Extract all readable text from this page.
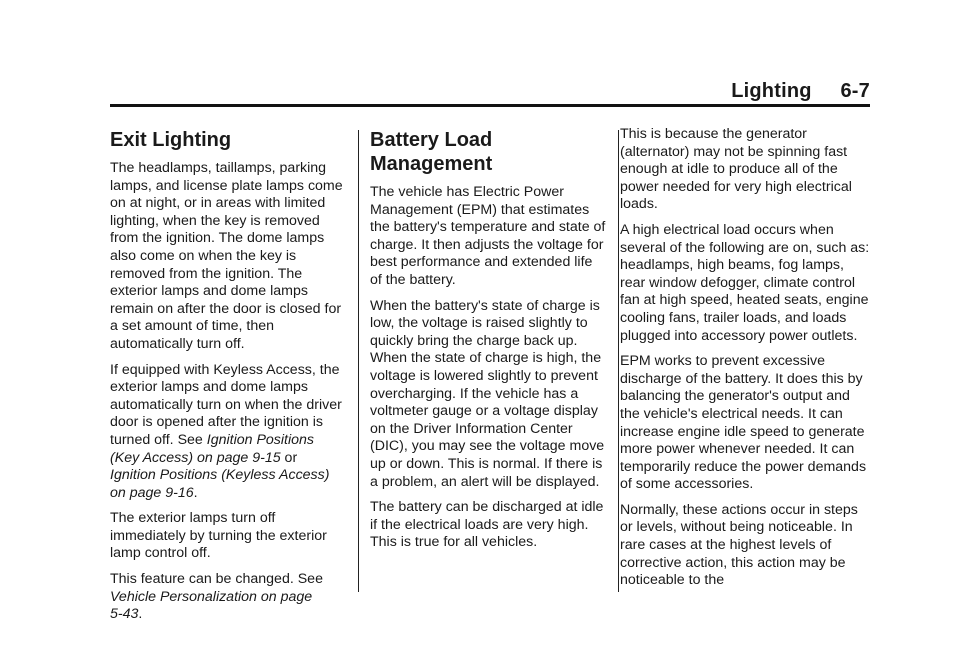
Lighting 6-7
Exit Lighting

The headlamps, taillamps, parking lamps, and license plate lamps come on at night, or in areas with limited lighting, when the key is removed from the ignition. The dome lamps also come on when the key is removed from the ignition. The exterior lamps and dome lamps remain on after the door is closed for a set amount of time, then automatically turn off.

If equipped with Keyless Access, the exterior lamps and dome lamps automatically turn on when the driver door is opened after the ignition is turned off. See Ignition Positions (Key Access) on page 9‑15 or Ignition Positions (Keyless Access) on page 9‑16.

The exterior lamps turn off immediately by turning the exterior lamp control off.

This feature can be changed. See Vehicle Personalization on page 5‑43.

Battery Load Management

The vehicle has Electric Power Management (EPM) that estimates the battery's temperature and state of charge. It then adjusts the voltage for best performance and extended life of the battery.

When the battery's state of charge is low, the voltage is raised slightly to quickly bring the charge back up. When the state of charge is high, the voltage is lowered slightly to prevent overcharging. If the vehicle has a voltmeter gauge or a voltage display on the Driver Information Center (DIC), you may see the voltage move up or down. This is normal. If there is a problem, an alert will be displayed.

The battery can be discharged at idle if the electrical loads are very high. This is true for all vehicles.

This is because the generator (alternator) may not be spinning fast enough at idle to produce all of the power needed for very high electrical loads.

A high electrical load occurs when several of the following are on, such as: headlamps, high beams, fog lamps, rear window defogger, climate control fan at high speed, heated seats, engine cooling fans, trailer loads, and loads plugged into accessory power outlets.

EPM works to prevent excessive discharge of the battery. It does this by balancing the generator's output and the vehicle's electrical needs. It can increase engine idle speed to generate more power whenever needed. It can temporarily reduce the power demands of some accessories.

Normally, these actions occur in steps or levels, without being noticeable. In rare cases at the highest levels of corrective action, this action may be noticeable to the
